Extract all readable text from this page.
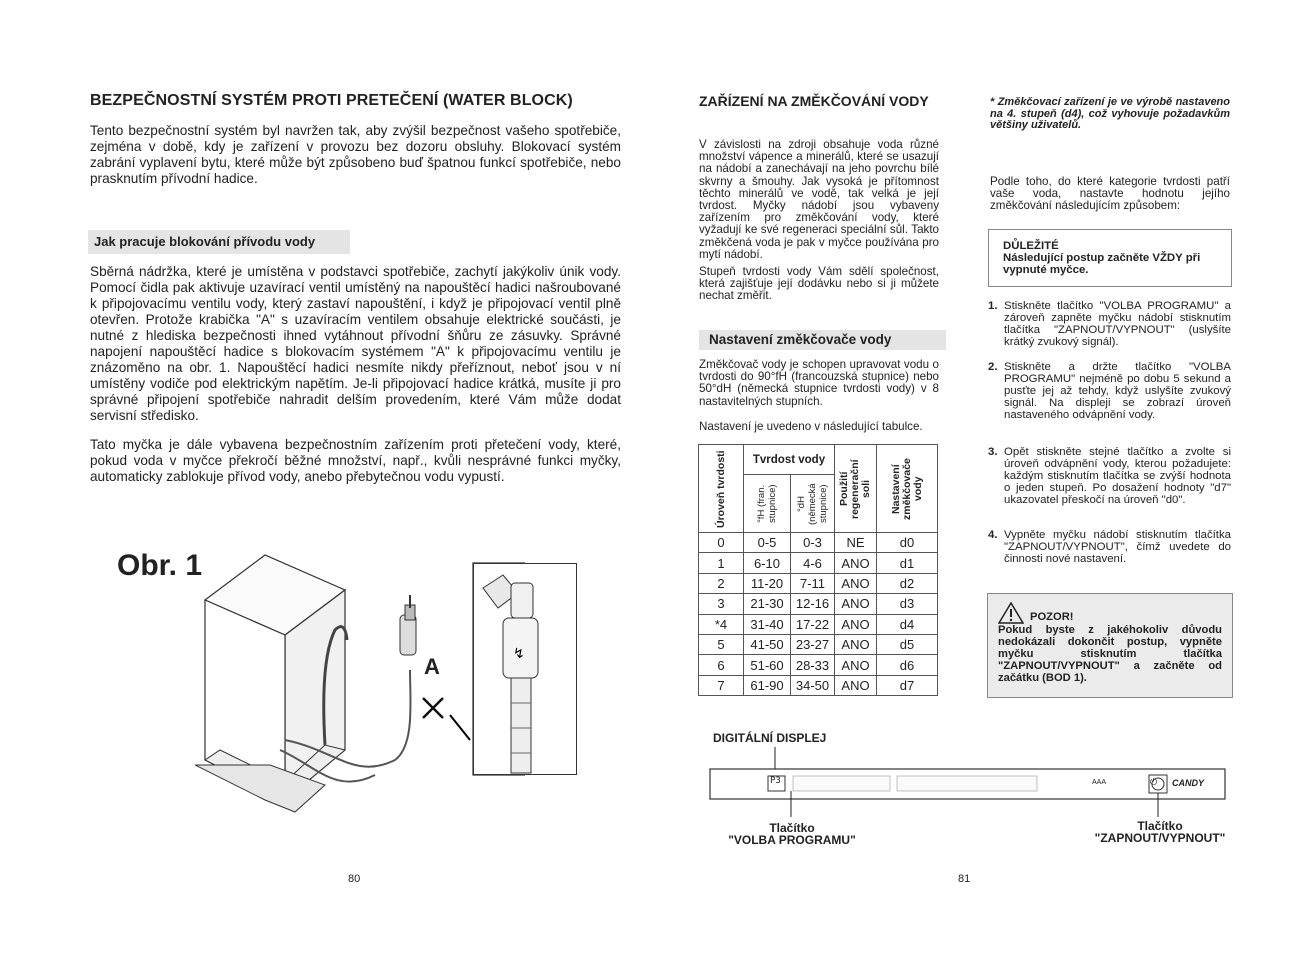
BEZPEČNOSTNÍ SYSTÉM PROTI PRETEČENÍ (WATER BLOCK)
Tento bezpečnostní systém byl navržen tak, aby zvýšil bezpečnost vašeho spotřebiče, zejména v době, kdy je zařízení v provozu bez dozoru obsluhy. Blokovací systém zabrání vyplavení bytu, které může být způsobeno buď špatnou funkcí spotřebiče, nebo prasknutím přívodní hadice.
Jak pracuje blokování přívodu vody
Sběrná nádržka, které je umístěna v podstavci spotřebiče, zachytí jakýkoliv únik vody. Pomocí čidla pak aktivuje uzavírací ventil umístěný na napouštěcí hadici našroubované k připojovacímu ventilu vody, který zastaví napouštění, i když je připojovací ventil plně otevřen. Protože krabička "A" s uzavíracím ventilem obsahuje elektrické součásti, je nutné z hlediska bezpečnosti ihned vytáhnout přívodní šňůru ze zásuvky. Správné napojení napouštěcí hadice s blokovacím systémem "A" k připojovacímu ventilu je znázoměno na obr. 1. Napouštěcí hadici nesmíte nikdy přeříznout, neboť jsou v ní umístěny vodiče pod elektrickým napětím. Je-li připojovací hadice krátká, musíte ji pro správné připojení spotřebiče nahradit delším provedením, které Vám může dodat servisní středisko.
Tato myčka je dále vybavena bezpečnostním zařízením proti přetečení vody, které, pokud voda v myčce překročí běžné množství, např., kvůli nesprávné funkci myčky, automaticky zablokuje přívod vody, anebo přebytečnou vodu vypustí.
Obr. 1
A	↯
80
ZAŘÍZENÍ NA ZMĚKČOVÁNÍ VODY
V závislosti na zdroji obsahuje voda různé množství vápence a minerálů, které se usazují na nádobí a zanechávají na jeho povrchu bílé skvrny a šmouhy. Jak vysoká je přítomnost těchto minerálů ve vodě, tak velká je její tvrdost. Myčky nádobí jsou vybaveny zařízením pro změkčování vody, které vyžadují ke své regeneraci speciální sůl. Takto změkčená voda je pak v myčce používána pro mytí nádobí.
Stupeň tvrdosti vody Vám sdělí společnost, která zajišťuje její dodávku nebo si ji můžete nechat změřit.
Nastavení změkčovače vody
Změkčovač vody je schopen upravovat vodu o tvrdosti do 90°fH (francouzská stupnice) nebo 50°dH (německá stupnice tvrdosti vody) v 8 nastavitelných stupních.
Nastavení je uvedeno v následující tabulce.
Úroveň tvrdosti	Tvrdost vody		Použití regenerační soli	Nastavení změkčovače vody

	°fH (fran. stupnice)	°dH (německá stupnice)		

0	0-5	0-3	NE	d0
1	6-10	4-6	ANO	d1
2	11-20	7-11	ANO	d2
3	21-30	12-16	ANO	d3
*4	31-40	17-22	ANO	d4
5	41-50	23-27	ANO	d5
6	51-60	28-33	ANO	d6
7	61-90	34-50	ANO	d7
81
* Změkčovací zařízení je ve výrobě nastaveno na 4. stupeň (d4), což vyhovuje požadavkům většiny uživatelů.
Podle toho, do které kategorie tvrdosti patří vaše voda, nastavte hodnotu jejího změkčování následujícím způsobem:
DŮLEŽITÉ
Následující postup začněte VŽDY při vypnuté myčce.
1. Stiskněte tlačítko "VOLBA PROGRAMU" a zároveň zapněte myčku nádobí stisknutím tlačítka "ZAPNOUT/VYPNOUT" (uslyšíte krátký zvukový signál).
2. Stiskněte a držte tlačítko "VOLBA PROGRAMU" nejméně po dobu 5 sekund a pusťte jej až tehdy, když uslyšíte zvukový signál. Na displeji se zobrazí úroveň nastaveného odvápnění vody.
3. Opět stiskněte stejné tlačítko a zvolte si úroveň odvápnění vody, kterou požadujete: každým stisknutím tlačítka se zvýší hodnota o jeden stupeň. Po dosažení hodnoty "d7" ukazovatel přeskočí na úroveň "d0".
4. Vypněte myčku nádobí stisknutím tlačítka "ZAPNOUT/VYPNOUT", čímž uvedete do činnosti nové nastavení.
POZOR!
Pokud byste z jakéhokoliv důvodu nedokázali dokončit postup, vypněte myčku stisknutím tlačítka "ZAPNOUT/VYPNOUT" a začněte od začátku (BOD 1).
DIGITÁLNÍ DISPLEJ
P3	AAA	CANDY
⏻
Tlačítko
"VOLBA PROGRAMU"
Tlačítko
"ZAPNOUT/VYPNOUT"
